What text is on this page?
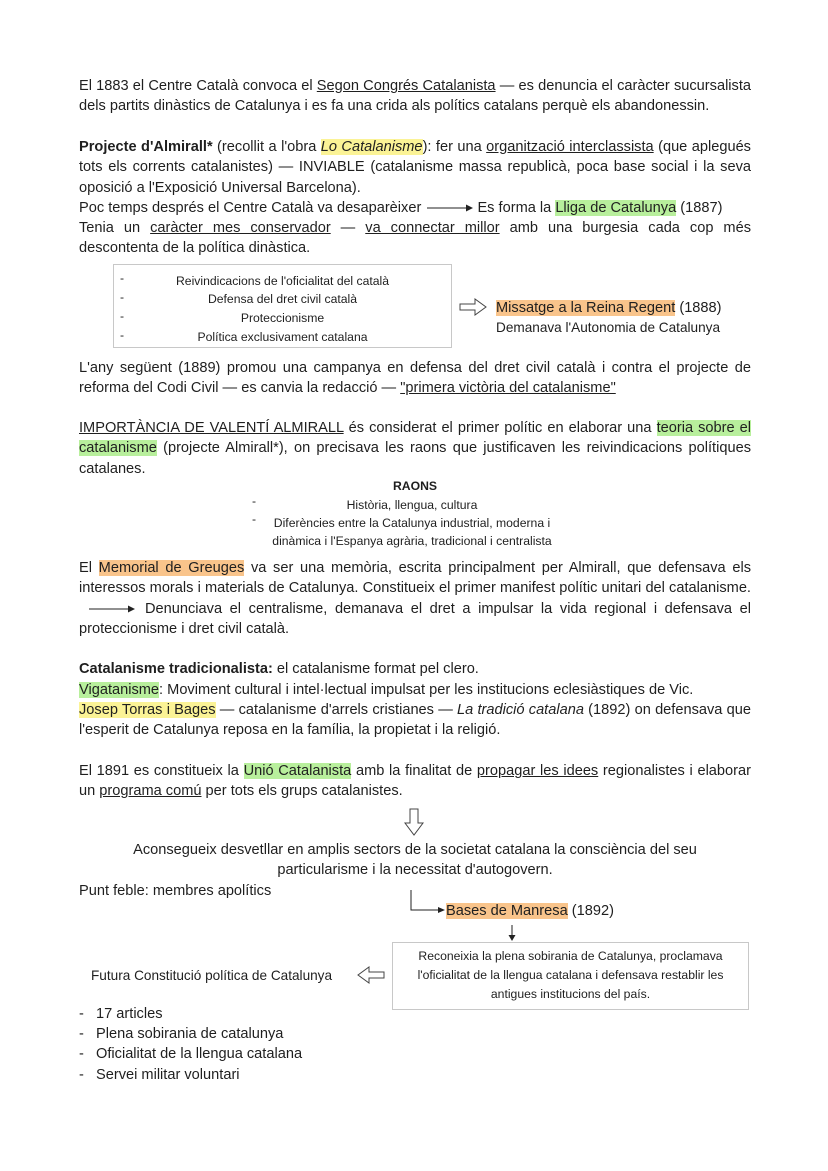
El 1883 el Centre Català convoca el Segon Congrés Catalanista — es denuncia el caràcter sucursalista dels partits dinàstics de Catalunya i es fa una crida als polítics catalans perquè els abandonessin.

Projecte d'Almirall* (recollit a l'obra Lo Catalanisme): fer una organització interclassista (que aplegués tots els corrents catalanistes) — INVIABLE (catalanisme massa republicà, poca base social i la seva oposició a l'Exposició Universal Barcelona).

Poc temps després el Centre Català va desaparèixer	Es forma la Lliga de Catalunya (1887)

Tenia un caràcter mes conservador — va connectar millor amb una burgesia cada cop més descontenta de la política dinàstica.

-	Reivindicacions de l'oficialitat del català
-	Defensa del dret civil català
-	Proteccionisme
-	Política exclusivament catalana
Missatge a la Reina Regent (1888)
Demanava l'Autonomia de Catalunya

L'any següent (1889) promou una campanya en defensa del dret civil català i contra el projecte de reforma del Codi Civil — es canvia la redacció — "primera victòria del catalanisme"

IMPORTÀNCIA DE VALENTÍ ALMIRALL és considerat el primer polític en elaborar una teoria sobre el catalanisme (projecte Almirall*), on precisava les raons que justificaven les reivindicacions polítiques catalanes.

RAONS
-	Història, llengua, cultura
-	Diferències entre la Catalunya industrial, moderna i
dinàmica i l'Espanya agrària, tradicional i centralista

El Memorial de Greuges va ser una memòria, escrita principalment per Almirall, que defensava els interessos morals i materials de Catalunya. Constitueix el primer manifest polític unitari del catalanisme.
Denunciava el centralisme, demanava el dret a impulsar la vida regional i defensava el proteccionisme i dret civil català.

Catalanisme tradicionalista: el catalanisme format pel clero.
Vigatanisme: Moviment cultural i intel·lectual impulsat per les institucions eclesiàstiques de Vic.

Josep Torras i Bages — catalanisme d'arrels cristianes — La tradició catalana (1892) on defensava que l'esperit de Catalunya reposa en la família, la propietat i la religió.

El 1891 es constitueix la Unió Catalanista amb la finalitat de propagar les idees regionalistes i elaborar un programa comú per tots els grups catalanistes.

Aconsegueix desvetllar en amplis sectors de la societat catalana la consciència del seu
particularisme i la necessitat d'autogovern.
Punt feble: membres apolítics
Bases de Manresa (1892)
Reconeixia la plena sobirania de Catalunya, proclamava l'oficialitat de la llengua catalana i defensava restablir les antigues institucions del país.
Futura Constitució política de Catalunya
- 17 articles
- Plena sobirania de catalunya
- Oficialitat de la llengua catalana
- Servei militar voluntari
